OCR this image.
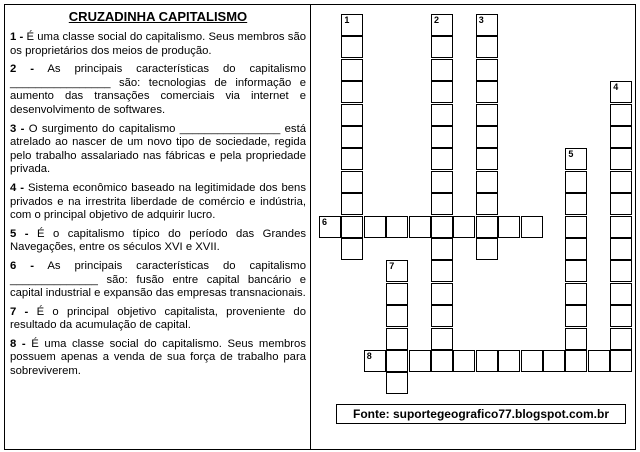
CRUZADINHA CAPITALISMO

1 - É uma classe social do capitalismo. Seus membros são os proprietários dos meios de produção.

2 - As principais características do capitalismo ________________ são: tecnologias de informação e aumento das transações comerciais via internet e desenvolvimento de softwares.

3 - O surgimento do capitalismo ________________ está atrelado ao nascer de um novo tipo de sociedade, regida pelo trabalho assalariado nas fábricas e pela propriedade privada.

4 - Sistema econômico baseado na legitimidade dos bens privados e na irrestrita liberdade de comércio e indústria, com o principal objetivo de adquirir lucro.

5 - É o capitalismo típico do período das Grandes Navegações, entre os séculos XVI e XVII.

6 - As principais características do capitalismo ______________ são: fusão entre capital bancário e capital industrial e expansão das empresas transnacionais.

7 - É o principal objetivo capitalista, proveniente do resultado da acumulação de capital.

8 - É uma classe social do capitalismo. Seus membros possuem apenas a venda de sua força de trabalho para sobreviverem.

1	2	3
4
5
6
7
8
Fonte: suportegeografico77.blogspot.com.br
